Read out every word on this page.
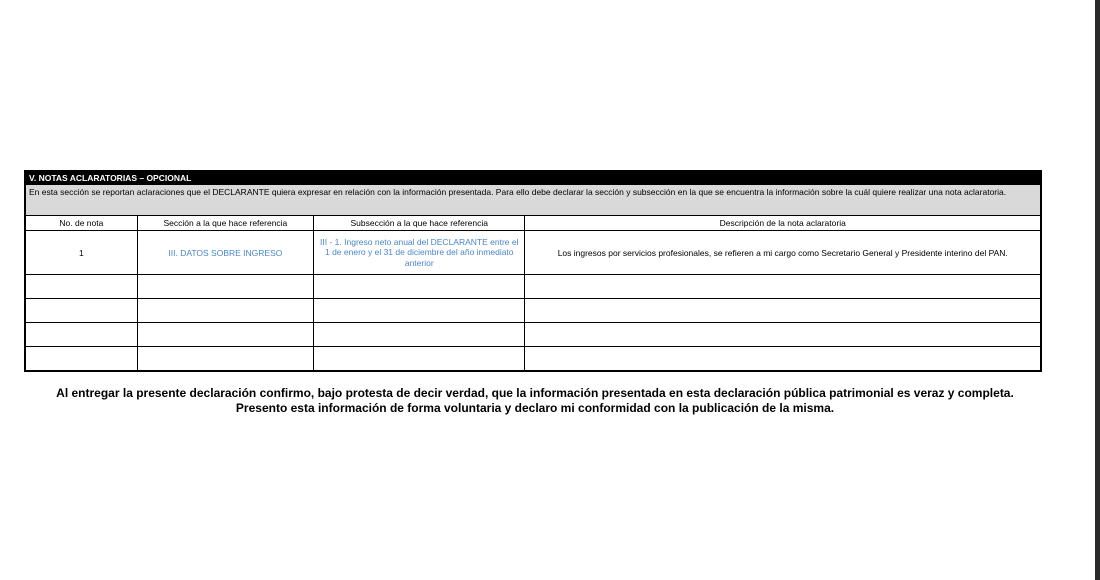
V. NOTAS ACLARATORIAS – OPCIONAL			
En esta sección se reportan aclaraciones que el DECLARANTE quiera expresar en relación con la información presentada. Para ello debe declarar la sección y subsección en la que se encuentra la información sobre la cuál quiere realizar una nota aclaratoria.			
No. de nota	Sección a la que hace referencia	Subsección a la que hace referencia	Descripción de la nota aclaratoria
1	III. DATOS SOBRE INGRESO	III - 1. Ingreso neto anual del DECLARANTE entre el 1 de enero y el 31 de diciembre del año inmediato anterior	Los ingresos por servicios profesionales, se refieren a mi cargo como Secretario General y Presidente interino del PAN.

Al entregar la presente declaración confirmo, bajo protesta de decir verdad, que la información presentada en esta declaración pública patrimonial es veraz y completa.
Presento esta información de forma voluntaria y declaro mi conformidad con la publicación de la misma.
